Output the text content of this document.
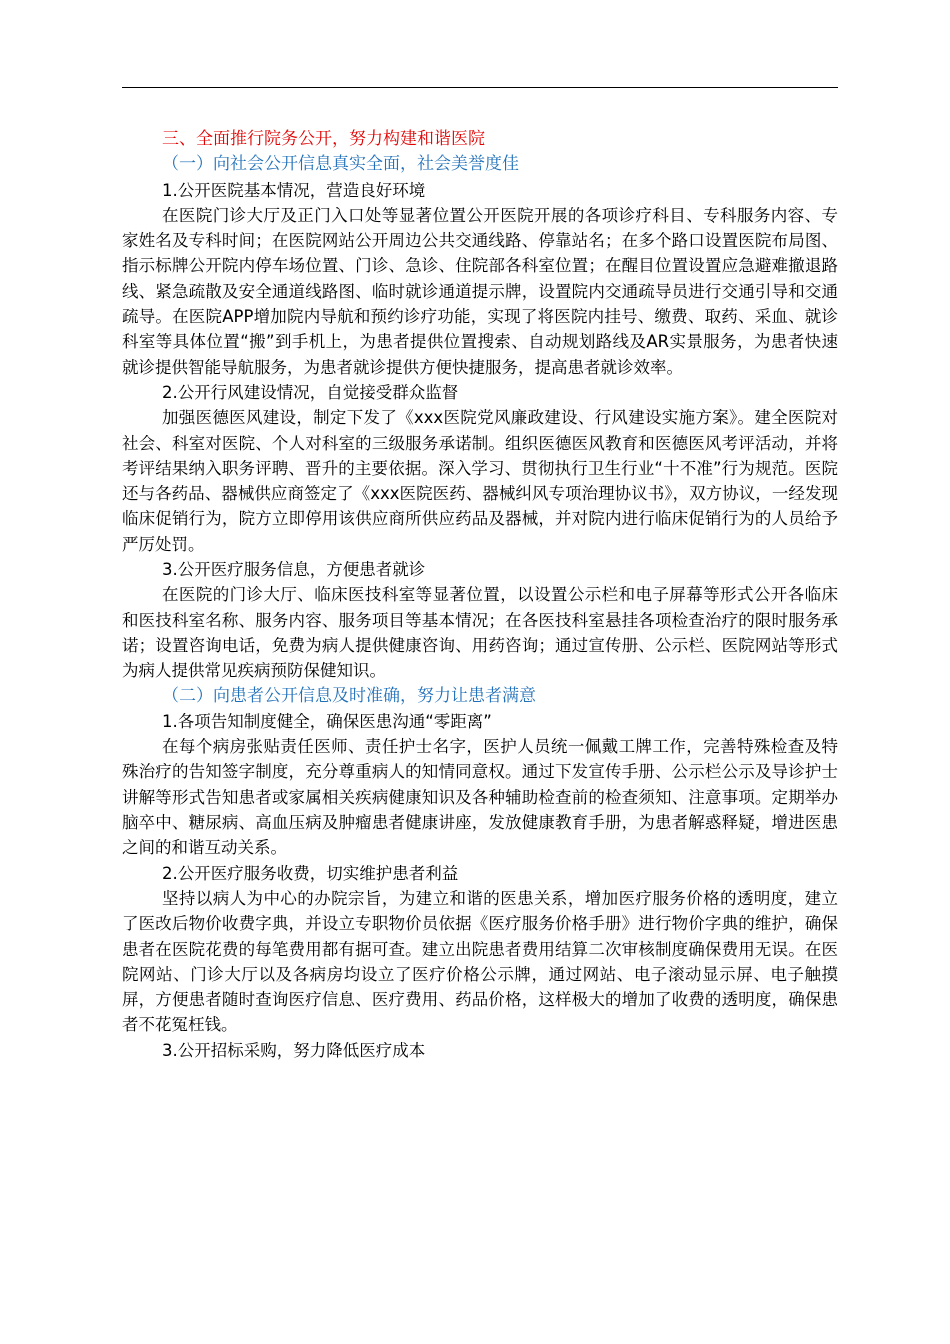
三、全面推行院务公开，努力构建和谐医院

（一）向社会公开信息真实全面，社会美誉度佳

1.公开医院基本情况，营造良好环境

在医院门诊大厅及正门入口处等显著位置公开医院开展的各项诊疗科目、专科服务内容、专家姓名及专科时间；在医院网站公开周边公共交通线路、停靠站名；在多个路口设置医院布局图、指示标牌公开院内停车场位置、门诊、急诊、住院部各科室位置；在醒目位置设置应急避难撤退路线、紧急疏散及安全通道线路图、临时就诊通道提示牌，设置院内交通疏导员进行交通引导和交通疏导。在医院APP增加院内导航和预约诊疗功能，实现了将医院内挂号、缴费、取药、采血、就诊科室等具体位置“搬”到手机上，为患者提供位置搜索、自动规划路线及AR实景服务，为患者快速就诊提供智能导航服务，为患者就诊提供方便快捷服务，提高患者就诊效率。

2.公开行风建设情况，自觉接受群众监督

加强医德医风建设，制定下发了《xxx医院党风廉政建设、行风建设实施方案》。建全医院对社会、科室对医院、个人对科室的三级服务承诺制。组织医德医风教育和医德医风考评活动，并将考评结果纳入职务评聘、晋升的主要依据。深入学习、贯彻执行卫生行业“十不准”行为规范。医院还与各药品、器械供应商签定了《xxx医院医药、器械纠风专项治理协议书》，双方协议，一经发现临床促销行为，院方立即停用该供应商所供应药品及器械，并对院内进行临床促销行为的人员给予严厉处罚。

3.公开医疗服务信息，方便患者就诊

在医院的门诊大厅、临床医技科室等显著位置，以设置公示栏和电子屏幕等形式公开各临床和医技科室名称、服务内容、服务项目等基本情况；在各医技科室悬挂各项检查治疗的限时服务承诺；设置咨询电话，免费为病人提供健康咨询、用药咨询；通过宣传册、公示栏、医院网站等形式为病人提供常见疾病预防保健知识。

（二）向患者公开信息及时准确，努力让患者满意

1.各项告知制度健全，确保医患沟通“零距离”

在每个病房张贴责任医师、责任护士名字，医护人员统一佩戴工牌工作，完善特殊检查及特殊治疗的告知签字制度，充分尊重病人的知情同意权。通过下发宣传手册、公示栏公示及导诊护士讲解等形式告知患者或家属相关疾病健康知识及各种辅助检查前的检查须知、注意事项。定期举办脑卒中、糖尿病、高血压病及肿瘤患者健康讲座，发放健康教育手册，为患者解惑释疑，增进医患之间的和谐互动关系。

2.公开医疗服务收费，切实维护患者利益

坚持以病人为中心的办院宗旨，为建立和谐的医患关系，增加医疗服务价格的透明度，建立了医改后物价收费字典，并设立专职物价员依据《医疗服务价格手册》进行物价字典的维护，确保患者在医院花费的每笔费用都有据可查。建立出院患者费用结算二次审核制度确保费用无误。在医院网站、门诊大厅以及各病房均设立了医疗价格公示牌，通过网站、电子滚动显示屏、电子触摸屏，方便患者随时查询医疗信息、医疗费用、药品价格，这样极大的增加了收费的透明度，确保患者不花冤枉钱。

3.公开招标采购，努力降低医疗成本
